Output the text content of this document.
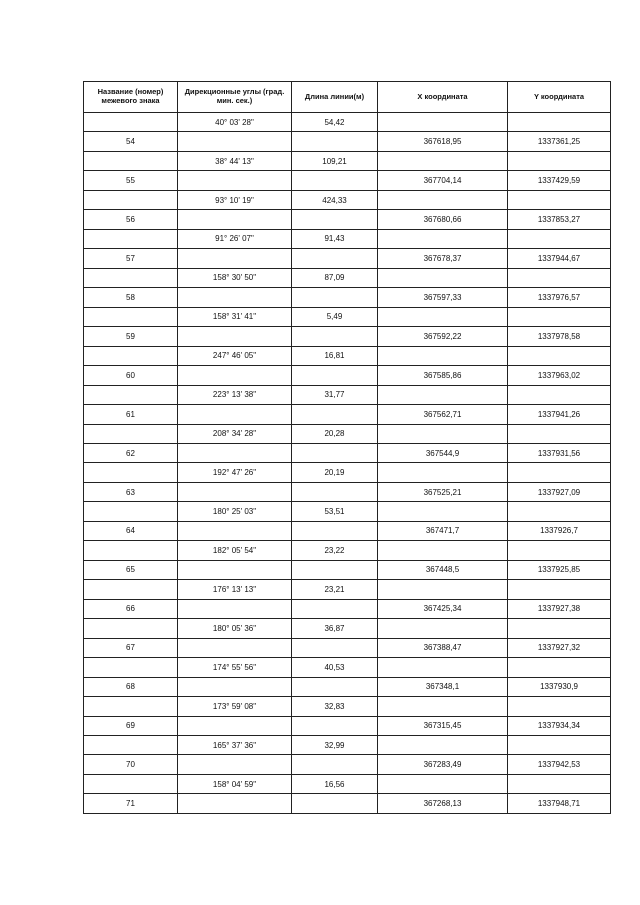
Название (номер) межевого знака	Дирекционные углы (град. мин. сек.)	Длина линии(м)	X координата	Y координата
	40° 03' 28"	54,42		
54			367618,95	1337361,25
	38° 44' 13"	109,21		
55			367704,14	1337429,59
	93° 10' 19"	424,33		
56			367680,66	1337853,27
	91° 26' 07"	91,43		
57			367678,37	1337944,67
	158° 30' 50"	87,09		
58			367597,33	1337976,57
	158° 31' 41"	5,49		
59			367592,22	1337978,58
	247° 46' 05"	16,81		
60			367585,86	1337963,02
	223° 13' 38"	31,77		
61			367562,71	1337941,26
	208° 34' 28"	20,28		
62			367544,9	1337931,56
	192° 47' 26"	20,19		
63			367525,21	1337927,09
	180° 25' 03"	53,51		
64			367471,7	1337926,7
	182° 05' 54"	23,22		
65			367448,5	1337925,85
	176° 13' 13"	23,21		
66			367425,34	1337927,38
	180° 05' 36"	36,87		
67			367388,47	1337927,32
	174° 55' 56"	40,53		
68			367348,1	1337930,9
	173° 59' 08"	32,83		
69			367315,45	1337934,34
	165° 37' 36"	32,99		
70			367283,49	1337942,53
	158° 04' 59"	16,56		
71			367268,13	1337948,71
